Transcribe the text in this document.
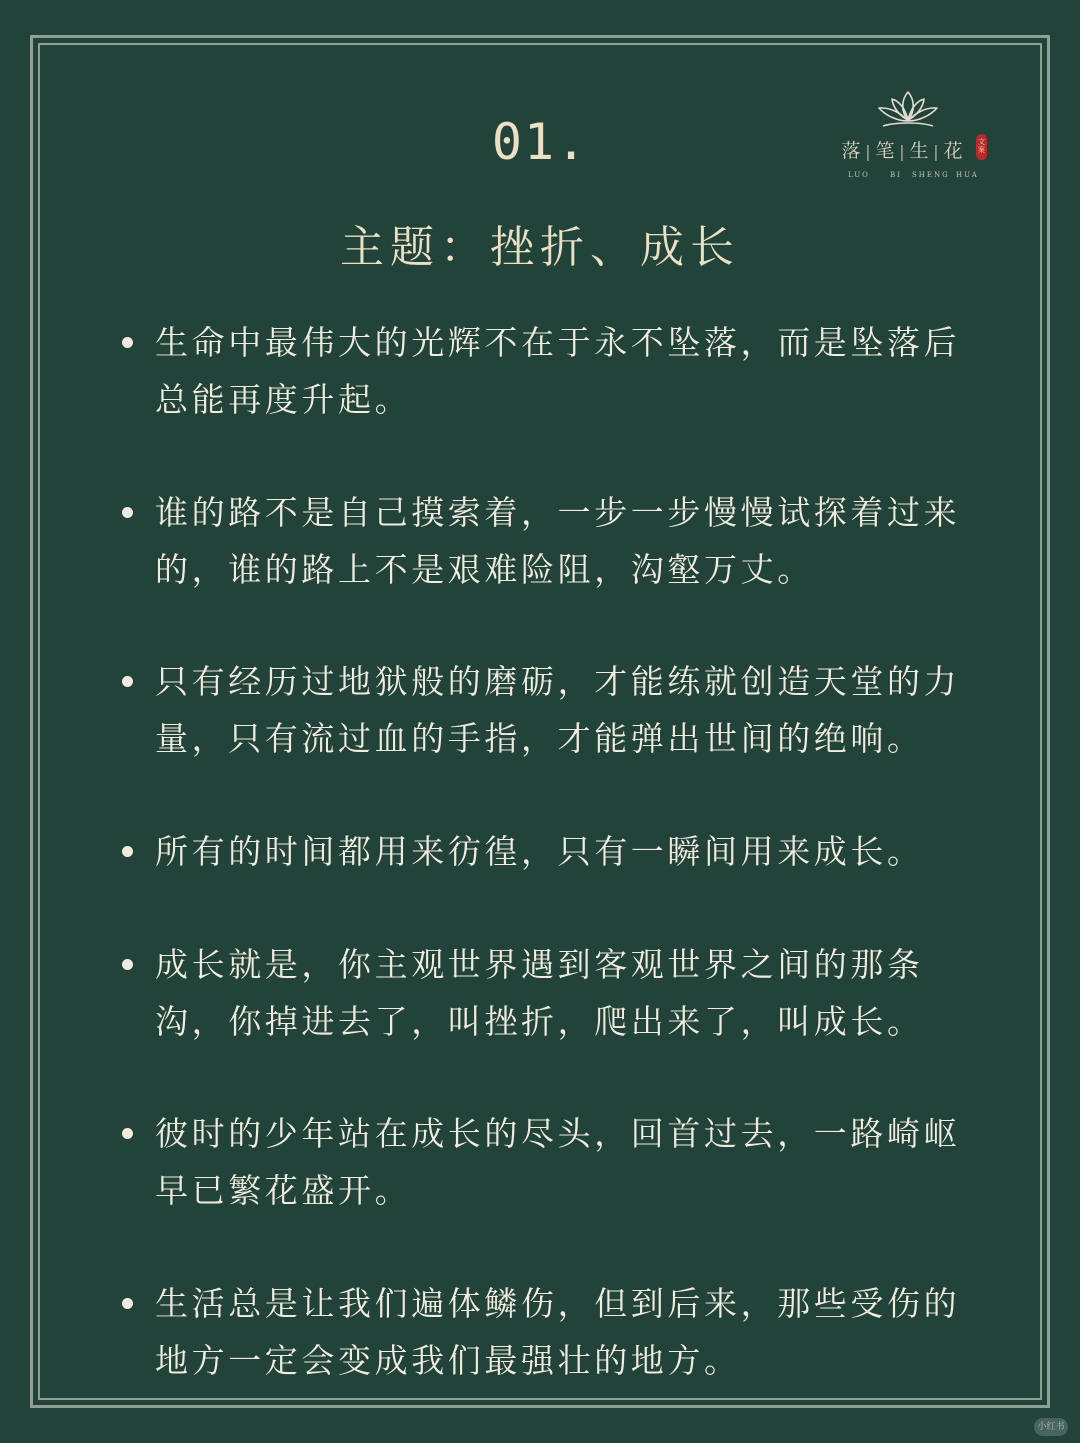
01.
主题：挫折、成长
落 | 笔 | 生 | 花	文案
LUO	BI SHENG HUA
生命中最伟大的光辉不在于永不坠落，而是坠落后总能再度升起。
谁的路不是自己摸索着，一步一步慢慢试探着过来的，谁的路上不是艰难险阻，沟壑万丈。
只有经历过地狱般的磨砺，才能练就创造天堂的力量，只有流过血的手指，才能弹出世间的绝响。
所有的时间都用来彷徨，只有一瞬间用来成长。
成长就是，你主观世界遇到客观世界之间的那条沟，你掉进去了，叫挫折，爬出来了，叫成长。
彼时的少年站在成长的尽头，回首过去，一路崎岖早已繁花盛开。
生活总是让我们遍体鳞伤，但到后来，那些受伤的地方一定会变成我们最强壮的地方。
小红书
